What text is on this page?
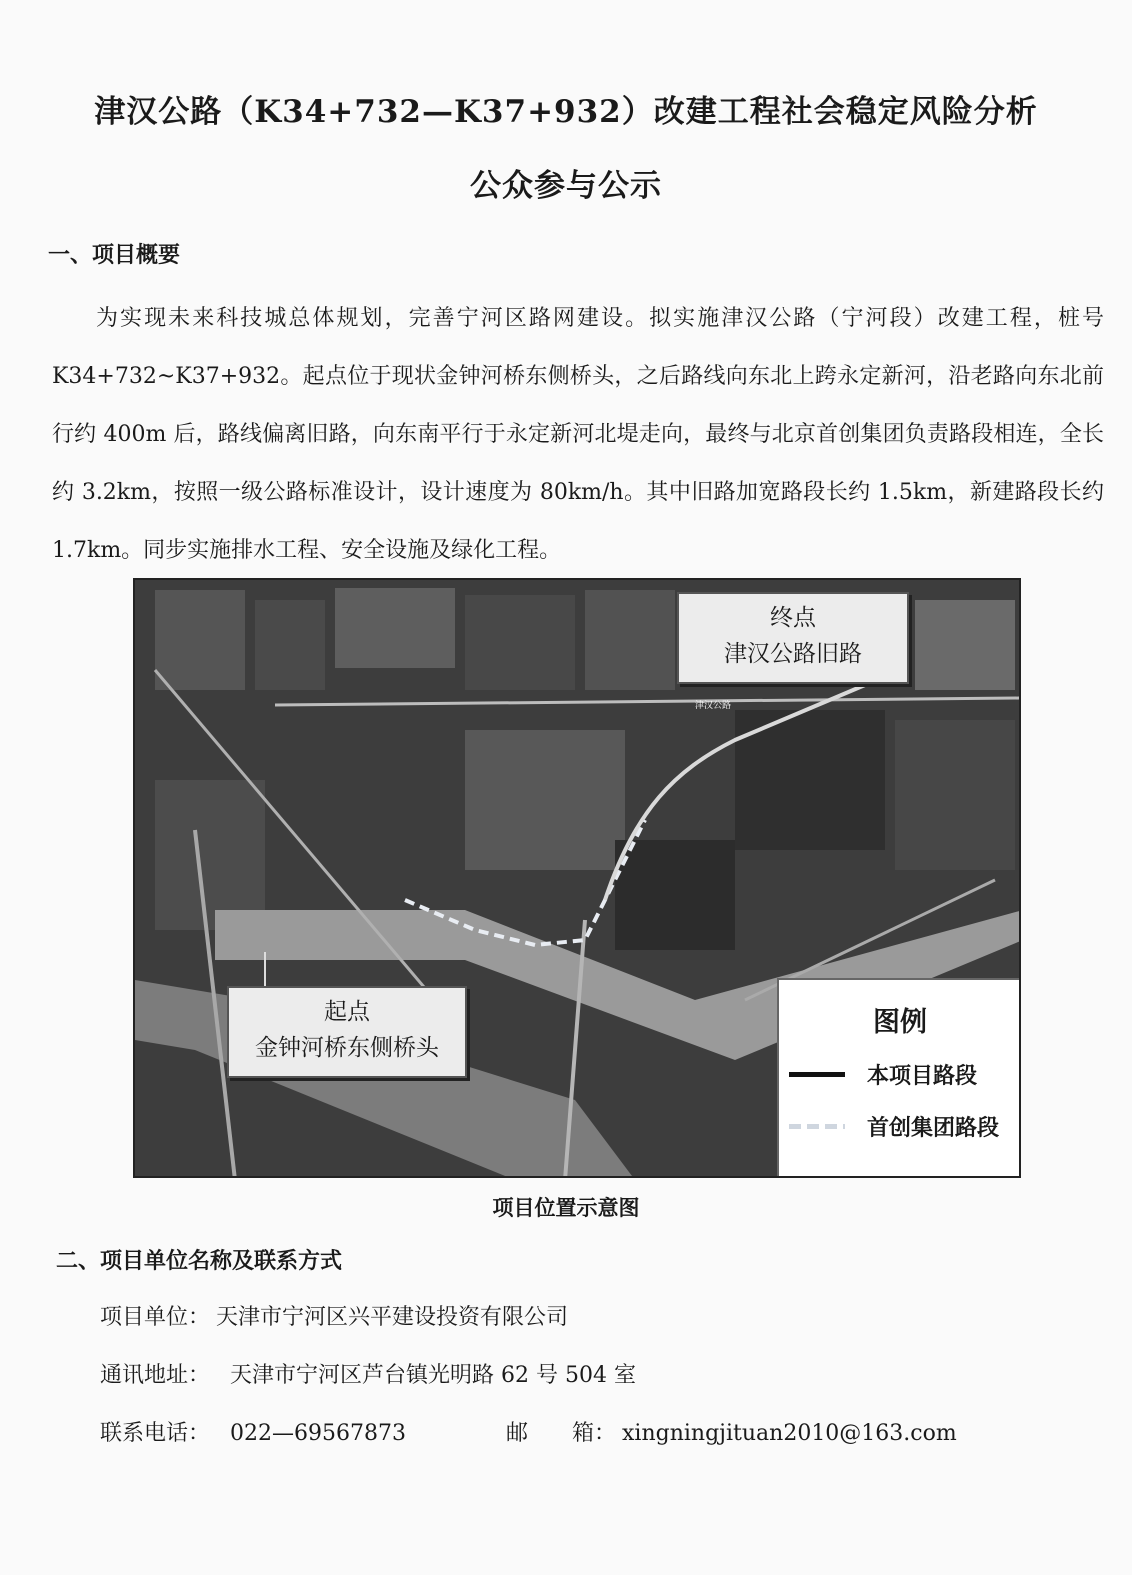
津汉公路（K34+732—K37+932）改建工程社会稳定风险分析
公众参与公示
一、项目概要

为实现未来科技城总体规划，完善宁河区路网建设。拟实施津汉公路（宁河段）改建工程，桩号 K34+732~K37+932。起点位于现状金钟河桥东侧桥头，之后路线向东北上跨永定新河，沿老路向东北前行约 400m 后，路线偏离旧路，向东南平行于永定新河北堤走向，最终与北京首创集团负责路段相连，全长约 3.2km，按照一级公路标准设计，设计速度为 80km/h。其中旧路加宽路段长约 1.5km，新建路段长约 1.7km。同步实施排水工程、安全设施及绿化工程。

津汉公路
终点
津汉公路旧路
起点
金钟河桥东侧桥头
图例
本项目路段
首创集团路段
项目位置示意图
二、项目单位名称及联系方式
项目单位： 天津市宁河区兴平建设投资有限公司
通讯地址： 天津市宁河区芦台镇光明路 62 号 504 室
联系电话： 022—69567873	邮　　箱： xingningjituan2010@163.com
